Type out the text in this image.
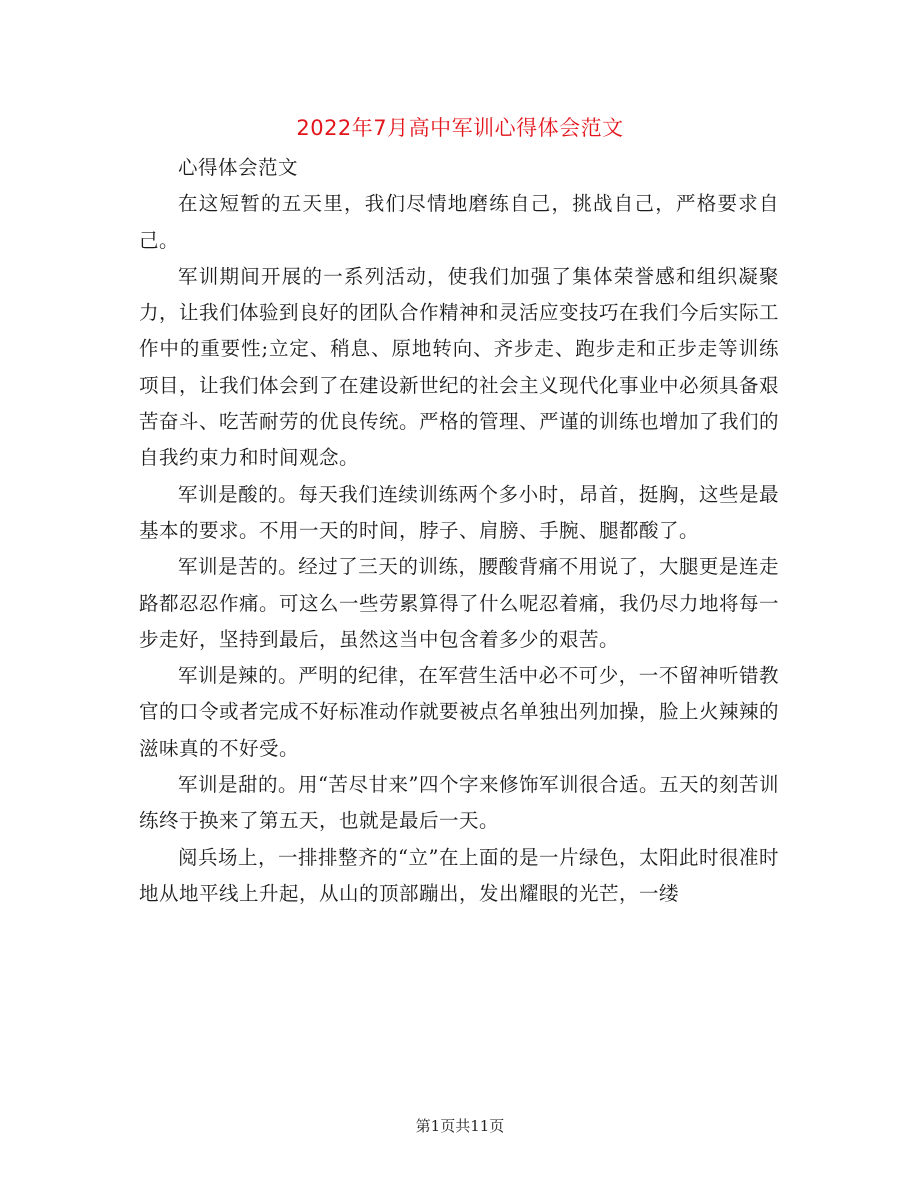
2022年7月高中军训心得体会范文

心得体会范文

在这短暂的五天里，我们尽情地磨练自己，挑战自己，严格要求自己。

军训期间开展的一系列活动，使我们加强了集体荣誉感和组织凝聚力，让我们体验到良好的团队合作精神和灵活应变技巧在我们今后实际工作中的重要性;立定、稍息、原地转向、齐步走、跑步走和正步走等训练项目，让我们体会到了在建设新世纪的社会主义现代化事业中必须具备艰苦奋斗、吃苦耐劳的优良传统。严格的管理、严谨的训练也增加了我们的自我约束力和时间观念。

军训是酸的。每天我们连续训练两个多小时，昂首，挺胸，这些是最基本的要求。不用一天的时间，脖子、肩膀、手腕、腿都酸了。

军训是苦的。经过了三天的训练，腰酸背痛不用说了，大腿更是连走路都忍忍作痛。可这么一些劳累算得了什么呢忍着痛，我仍尽力地将每一步走好，坚持到最后，虽然这当中包含着多少的艰苦。

军训是辣的。严明的纪律，在军营生活中必不可少，一不留神听错教官的口令或者完成不好标准动作就要被点名单独出列加操，脸上火辣辣的滋味真的不好受。

军训是甜的。用“苦尽甘来”四个字来修饰军训很合适。五天的刻苦训练终于换来了第五天，也就是最后一天。

阅兵场上，一排排整齐的“立”在上面的是一片绿色，太阳此时很准时地从地平线上升起，从山的顶部蹦出，发出耀眼的光芒，一缕

第1页共11页
